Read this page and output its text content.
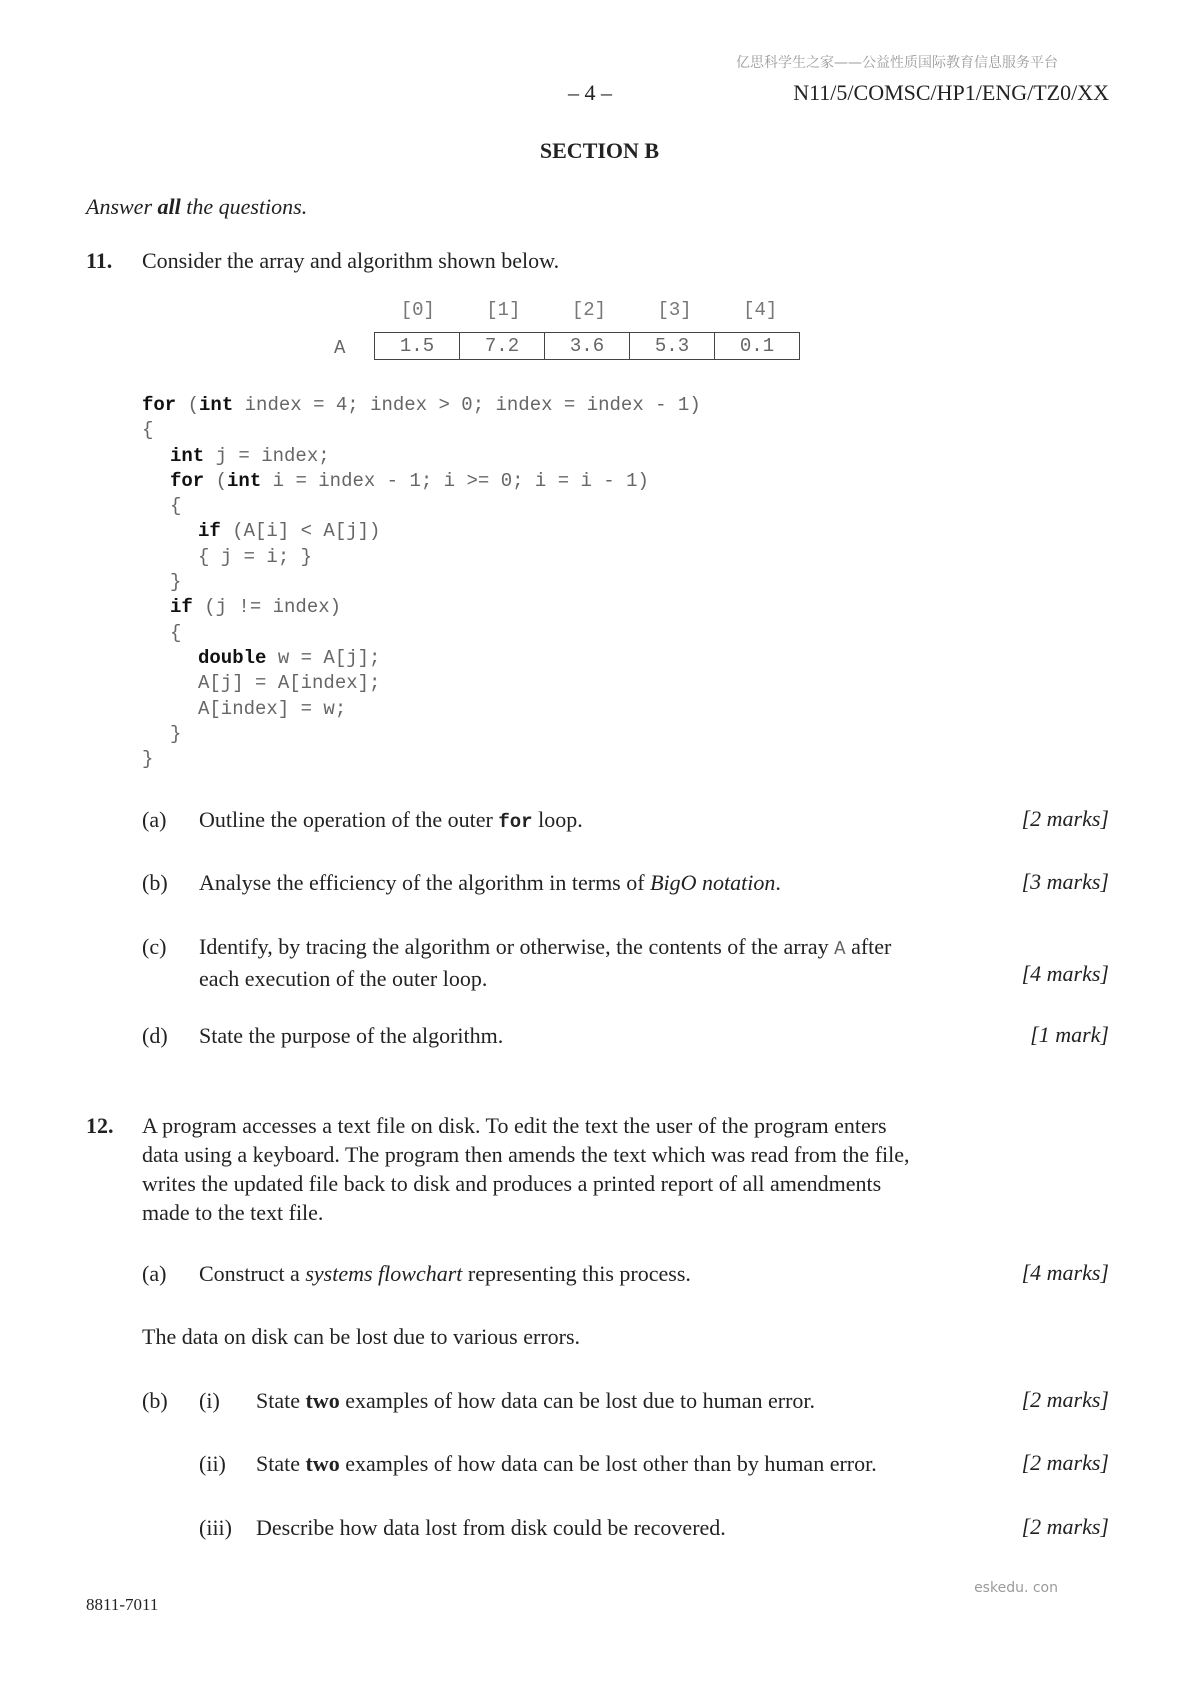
亿思科学生之家——公益性质国际教育信息服务平台
– 4 –	N11/5/COMSC/HP1/ENG/TZ0/XX
SECTION B
Answer all the questions.
11. Consider the array and algorithm shown below.
[0]	[1]	[2]	[3]	[4]
A	1.5	7.2	3.6	5.3	0.1
for (int index = 4; index > 0; index = index - 1)
{
int j = index;
for (int i = index - 1; i >= 0; i = i - 1)
{
if (A[i] < A[j])
{ j = i; }
}
if (j != index)
{
double w = A[j];
A[j] = A[index];
A[index] = w;
}
}
(a) Outline the operation of the outer for loop.	[2 marks]
(b) Analyse the efficiency of the algorithm in terms of BigO notation.	[3 marks]
(c) Identify, by tracing the algorithm or otherwise, the contents of the array A after
each execution of the outer loop.	[4 marks]
(d) State the purpose of the algorithm.	[1 mark]
12. A program accesses a text file on disk. To edit the text the user of the program enters
data using a keyboard. The program then amends the text which was read from the file,
writes the updated file back to disk and produces a printed report of all amendments
made to the text file.
(a) Construct a systems flowchart representing this process.	[4 marks]
The data on disk can be lost due to various errors.
(b) (i) State two examples of how data can be lost due to human error.	[2 marks]
(ii) State two examples of how data can be lost other than by human error.	[2 marks]
(iii) Describe how data lost from disk could be recovered.	[2 marks]
eskedu. con
8811-7011
